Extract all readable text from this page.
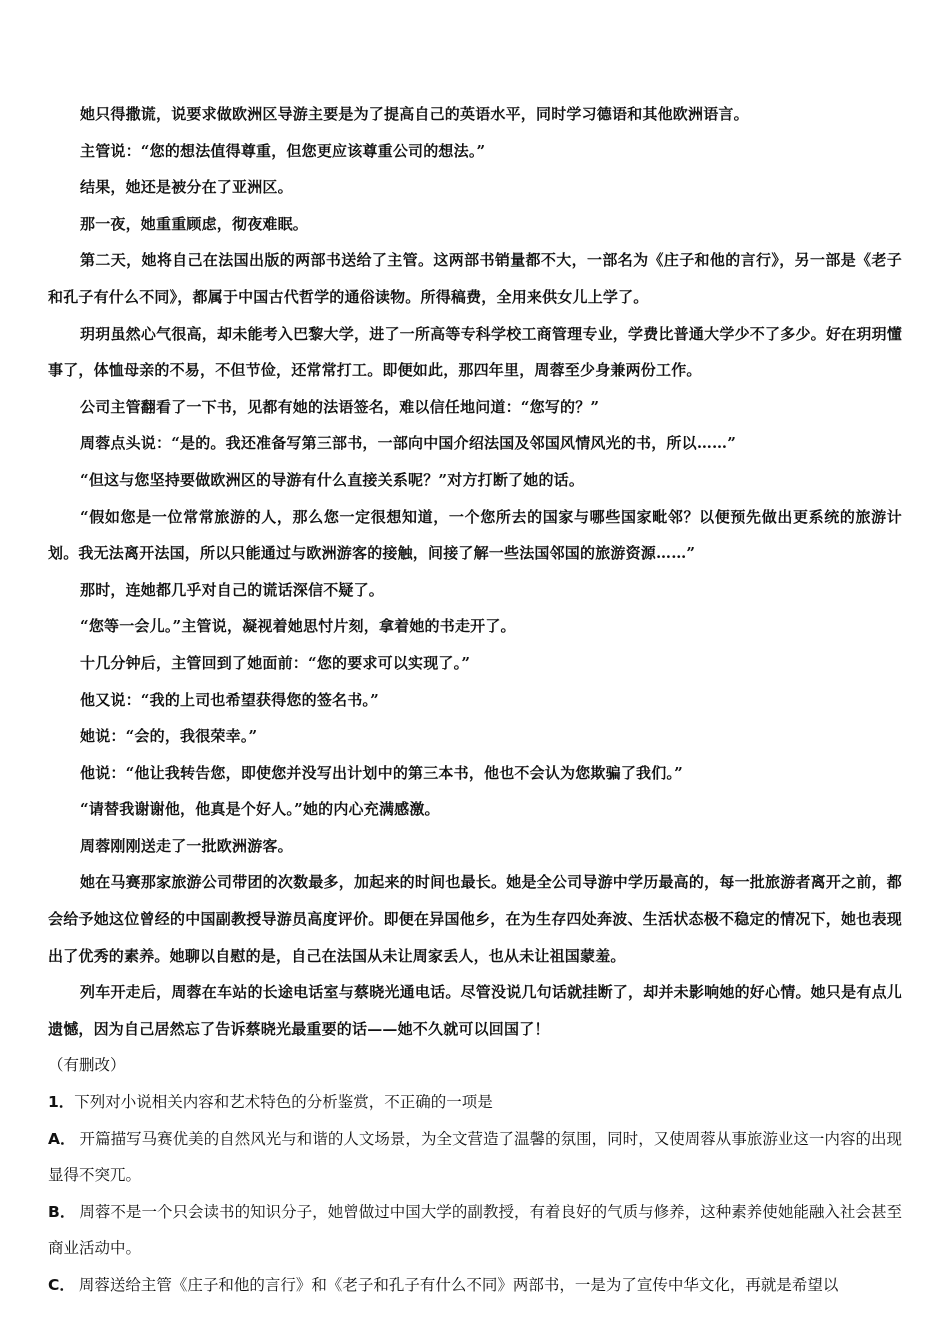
她只得撒谎，说要求做欧洲区导游主要是为了提高自己的英语水平，同时学习德语和其他欧洲语言。

主管说：“您的想法值得尊重，但您更应该尊重公司的想法。”

结果，她还是被分在了亚洲区。

那一夜，她重重顾虑，彻夜难眠。

第二天，她将自己在法国出版的两部书送给了主管。这两部书销量都不大，一部名为《庄子和他的言行》，另一部是《老子和孔子有什么不同》，都属于中国古代哲学的通俗读物。所得稿费，全用来供女儿上学了。

玥玥虽然心气很高，却未能考入巴黎大学，进了一所高等专科学校工商管理专业，学费比普通大学少不了多少。好在玥玥懂事了，体恤母亲的不易，不但节俭，还常常打工。即便如此，那四年里，周蓉至少身兼两份工作。

公司主管翻看了一下书，见都有她的法语签名，难以信任地问道：“您写的？”

周蓉点头说：“是的。我还准备写第三部书，一部向中国介绍法国及邻国风情风光的书，所以……”

“但这与您坚持要做欧洲区的导游有什么直接关系呢？”对方打断了她的话。

“假如您是一位常常旅游的人，那么您一定很想知道，一个您所去的国家与哪些国家毗邻？以便预先做出更系统的旅游计划。我无法离开法国，所以只能通过与欧洲游客的接触，间接了解一些法国邻国的旅游资源……”

那时，连她都几乎对自己的谎话深信不疑了。

“您等一会儿。”主管说，凝视着她思忖片刻，拿着她的书走开了。

十几分钟后，主管回到了她面前：“您的要求可以实现了。”

他又说：“我的上司也希望获得您的签名书。”

她说：“会的，我很荣幸。”

他说：“他让我转告您，即使您并没写出计划中的第三本书，他也不会认为您欺骗了我们。”

“请替我谢谢他，他真是个好人。”她的内心充满感激。

周蓉刚刚送走了一批欧洲游客。

她在马赛那家旅游公司带团的次数最多，加起来的时间也最长。她是全公司导游中学历最高的，每一批旅游者离开之前，都会给予她这位曾经的中国副教授导游员高度评价。即便在异国他乡，在为生存四处奔波、生活状态极不稳定的情况下，她也表现出了优秀的素养。她聊以自慰的是，自己在法国从未让周家丢人，也从未让祖国蒙羞。

列车开走后，周蓉在车站的长途电话室与蔡晓光通电话。尽管没说几句话就挂断了，却并未影响她的好心情。她只是有点儿遗憾，因为自己居然忘了告诉蔡晓光最重要的话——她不久就可以回国了！

（有删改）

1．下列对小说相关内容和艺术特色的分析鉴赏，不正确的一项是

A． 开篇描写马赛优美的自然风光与和谐的人文场景，为全文营造了温馨的氛围，同时，又使周蓉从事旅游业这一内容的出现显得不突兀。

B． 周蓉不是一个只会读书的知识分子，她曾做过中国大学的副教授，有着良好的气质与修养，这种素养使她能融入社会甚至商业活动中。

C． 周蓉送给主管《庄子和他的言行》和《老子和孔子有什么不同》两部书，一是为了宣传中华文化，再就是希望以
